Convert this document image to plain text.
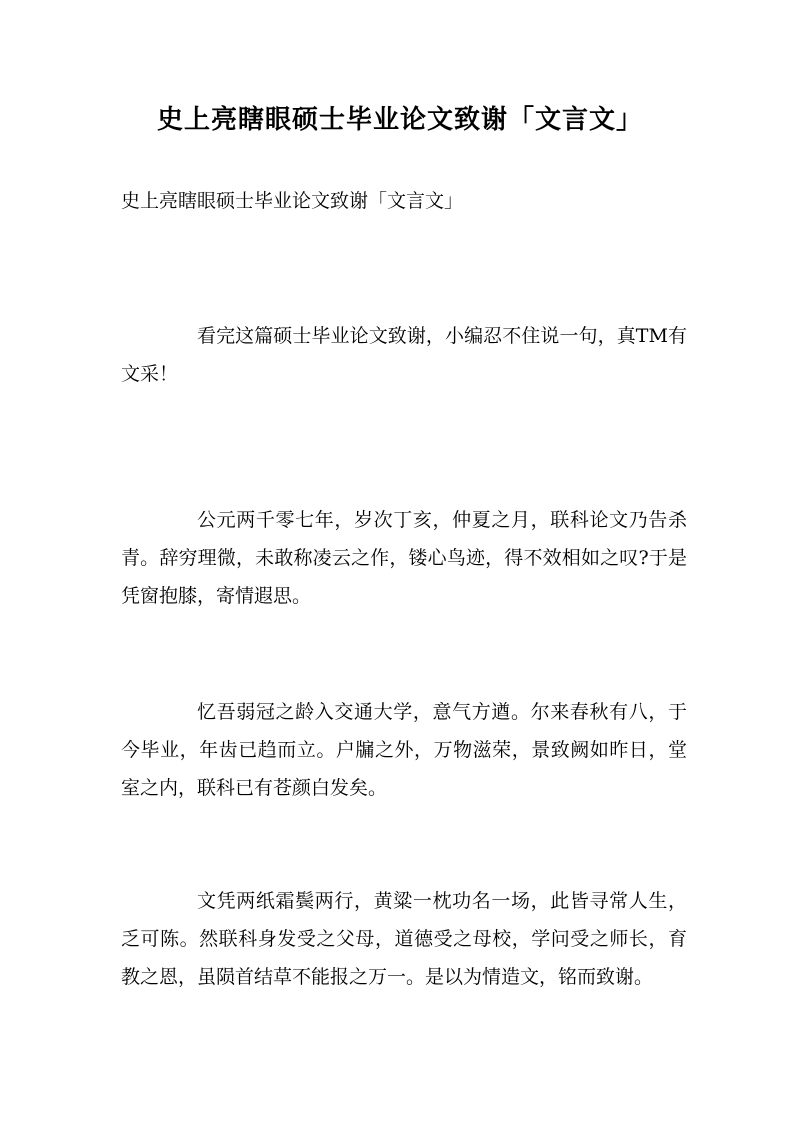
史上亮瞎眼硕士毕业论文致谢「文言文」
史上亮瞎眼硕士毕业论文致谢「文言文」

看完这篇硕士毕业论文致谢，小编忍不住说一句，真TM有文采！

公元两千零七年，岁次丁亥，仲夏之月，联科论文乃告杀青。辞穷理微，未敢称凌云之作，镂心鸟迹，得不效相如之叹?于是凭窗抱膝，寄情遐思。

忆吾弱冠之龄入交通大学，意气方遒。尔来春秋有八，于今毕业，年齿已趋而立。户牖之外，万物滋荣，景致阙如昨日，堂室之内，联科已有苍颜白发矣。

文凭两纸霜鬓两行，黄粱一枕功名一场，此皆寻常人生，乏可陈。然联科身发受之父母，道德受之母校，学问受之师长，育教之恩，虽陨首结草不能报之万一。是以为情造文，铭而致谢。
